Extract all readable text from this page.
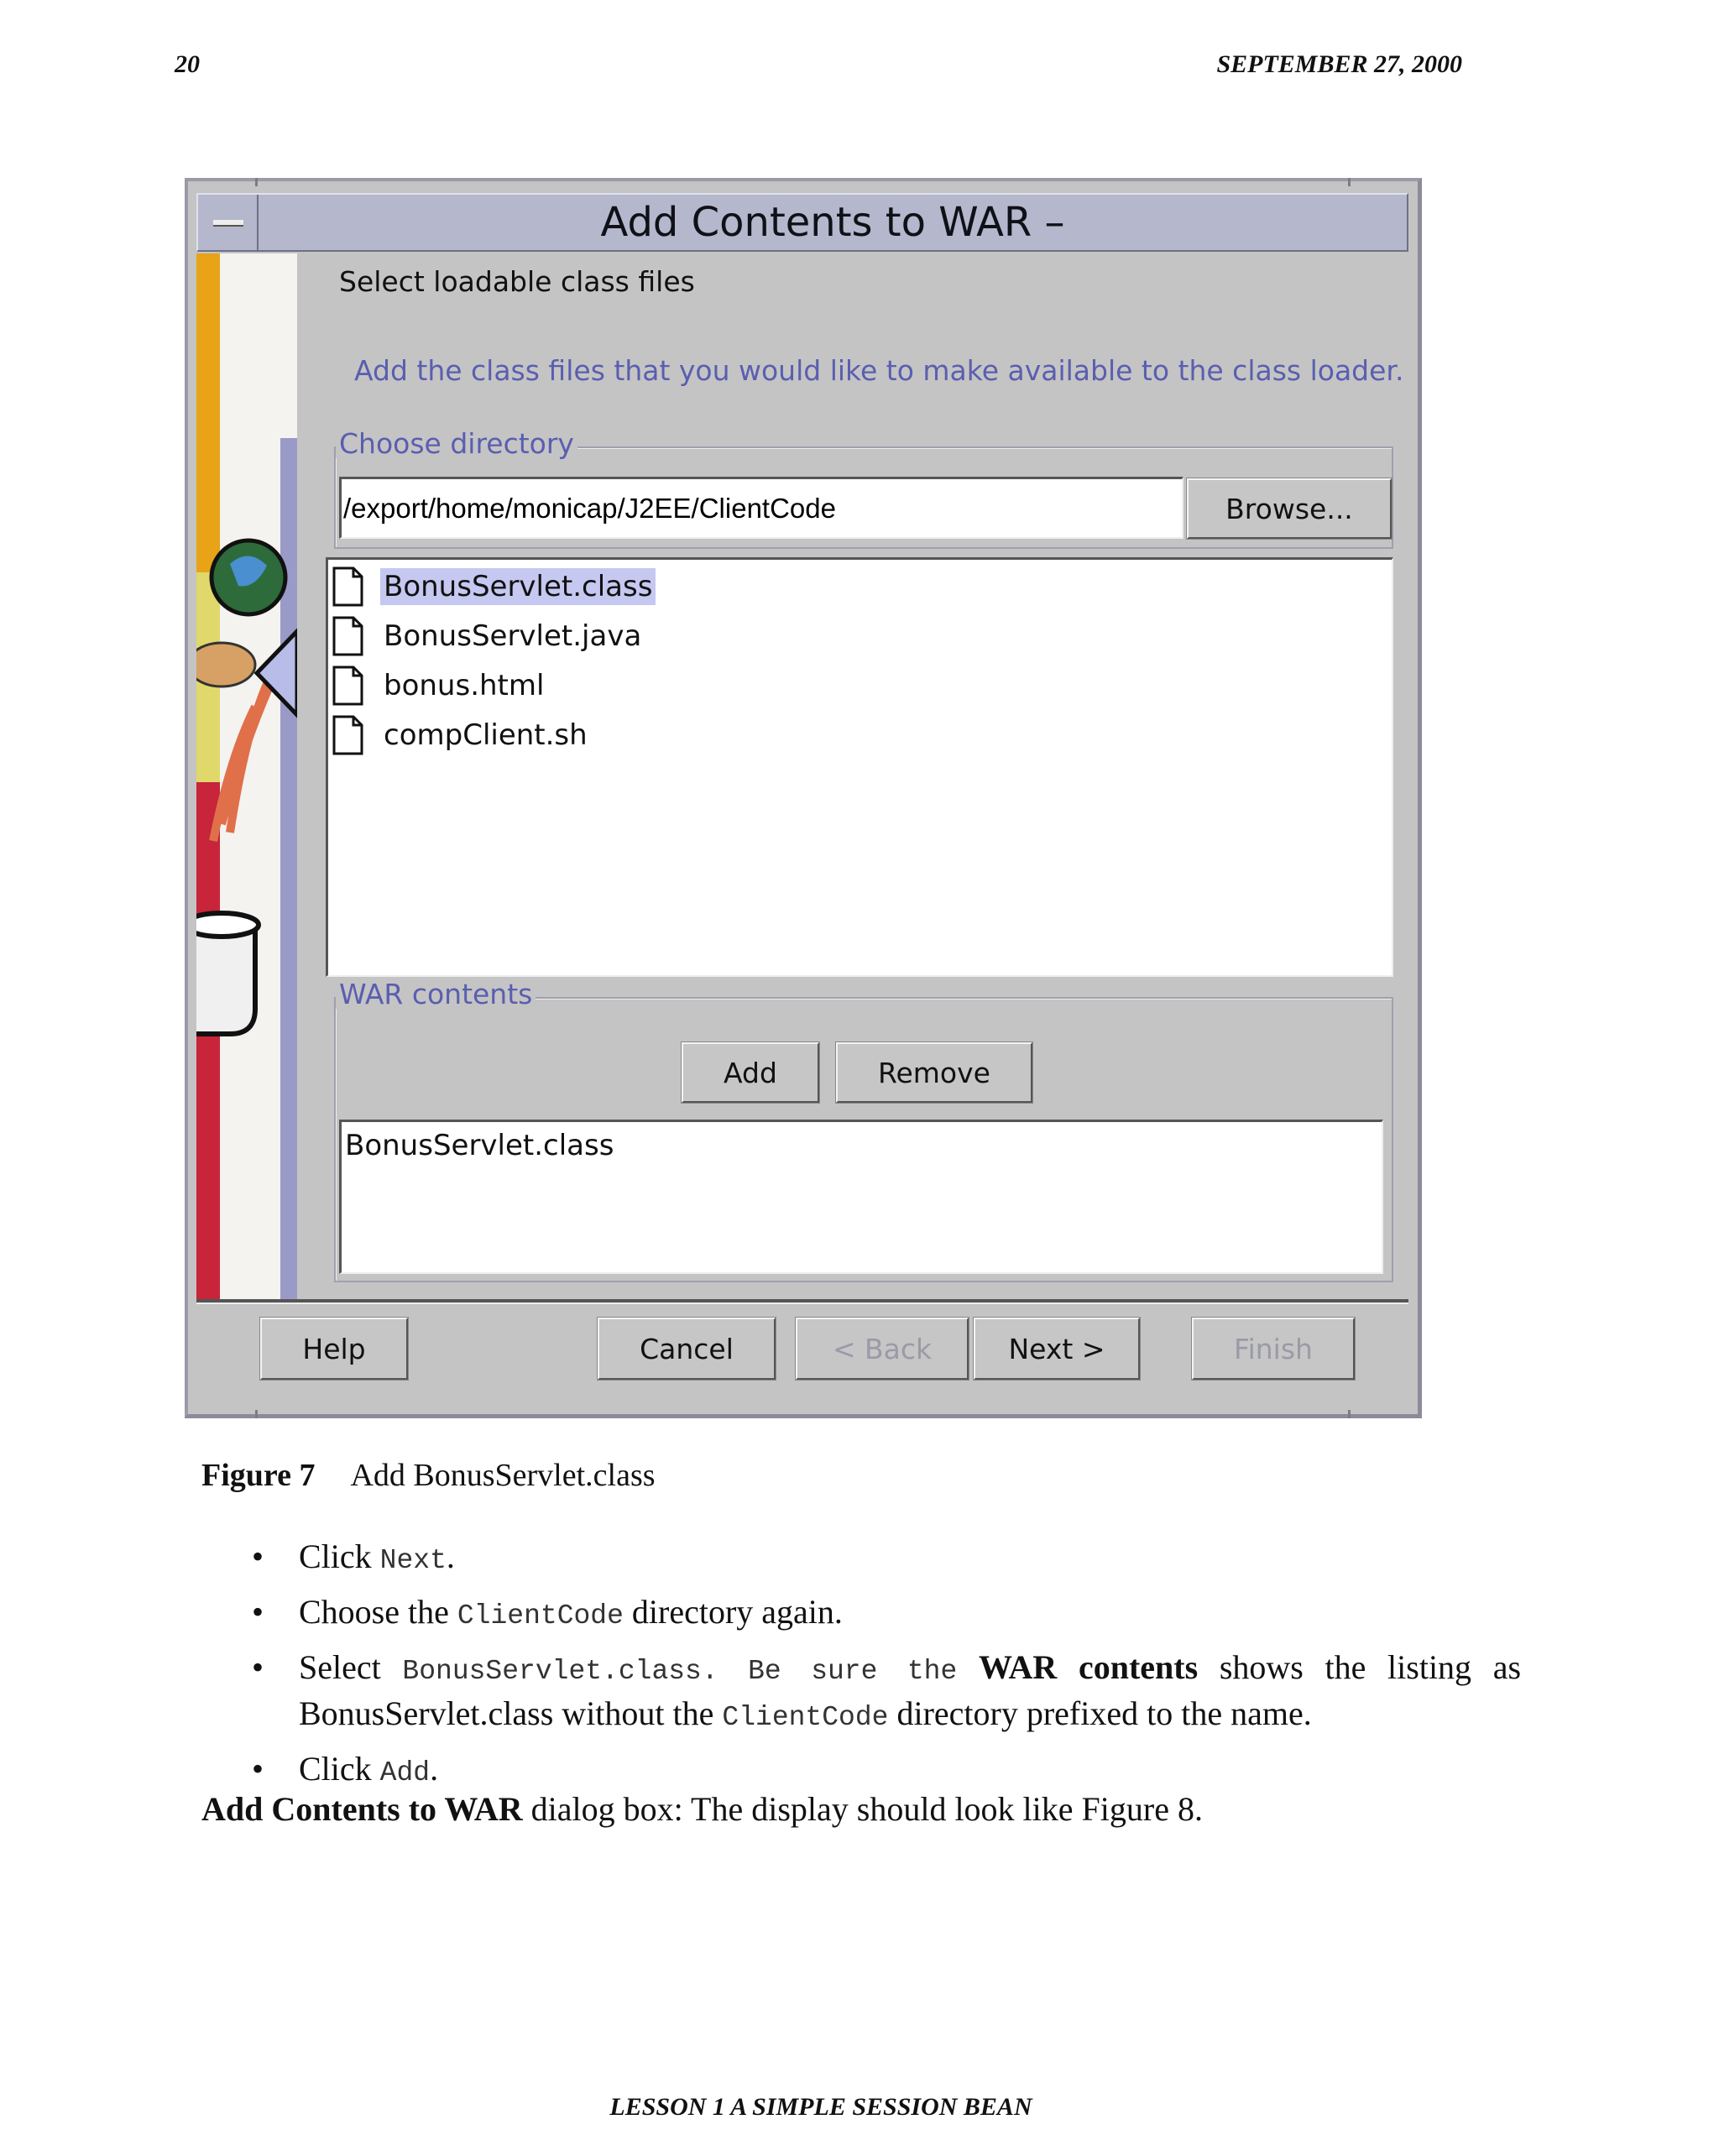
20	SEPTEMBER 27, 2000
Add Contents to WAR –
Select loadable class files
Add the class files that you would like to make available to the class loader.
Choose directory
/export/home/monicap/J2EE/ClientCode
Browse...
BonusServlet.class
BonusServlet.java
bonus.html
compClient.sh
WAR contents
Add	Remove
BonusServlet.class
Help	Cancel	< Back	Next >	Finish
Figure 7 Add BonusServlet.class
• Click Next.
• Choose the ClientCode directory again.
• Select BonusServlet.class. Be sure the WAR contents shows the listing as BonusServlet.class without the ClientCode directory prefixed to the name.
• Click Add.
Add Contents to WAR dialog box: The display should look like Figure 8.
LESSON 1 A SIMPLE SESSION BEAN
